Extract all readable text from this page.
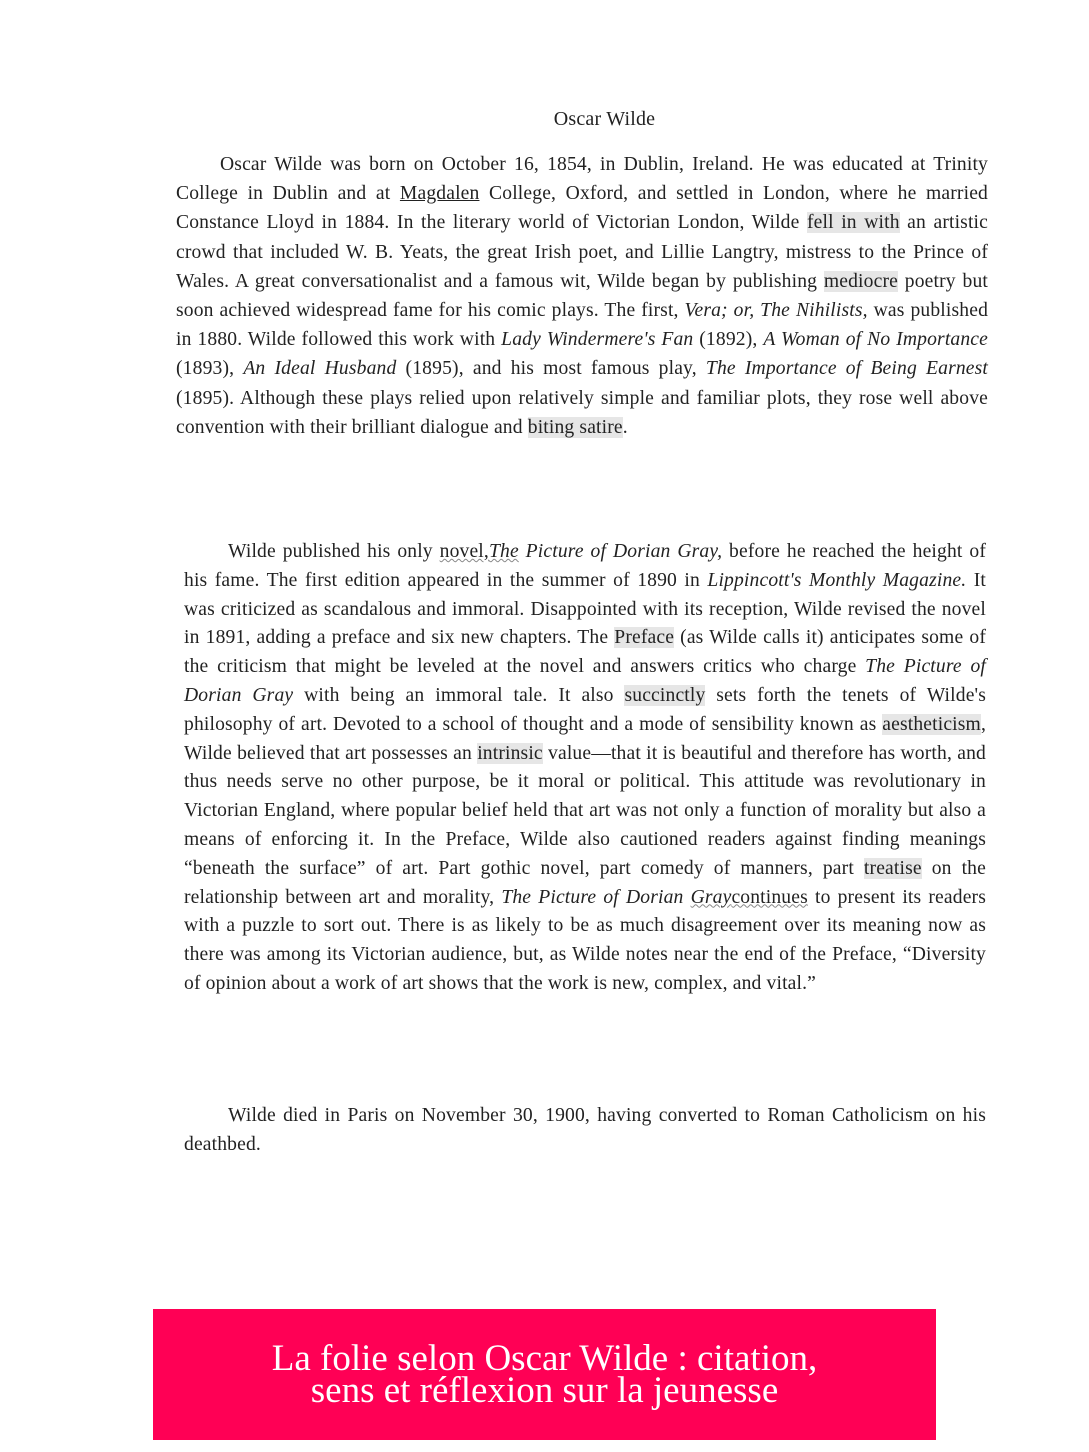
Oscar Wilde

Oscar Wilde was born on October 16, 1854, in Dublin, Ireland. He was educated at Trinity College in Dublin and at Magdalen College, Oxford, and settled in London, where he married Constance Lloyd in 1884. In the literary world of Victorian London, Wilde fell in with an artistic crowd that included W. B. Yeats, the great Irish poet, and Lillie Langtry, mistress to the Prince of Wales. A great conversationalist and a famous wit, Wilde began by publishing mediocre poetry but soon achieved widespread fame for his comic plays. The first, Vera; or, The Nihilists, was published in 1880. Wilde followed this work with Lady Windermere's Fan (1892), A Woman of No Importance (1893), An Ideal Husband (1895), and his most famous play, The Importance of Being Earnest (1895). Although these plays relied upon relatively simple and familiar plots, they rose well above convention with their brilliant dialogue and biting satire.

Wilde published his only novel,The Picture of Dorian Gray, before he reached the height of his fame. The first edition appeared in the summer of 1890 in Lippincott's Monthly Magazine. It was criticized as scandalous and immoral. Disappointed with its reception, Wilde revised the novel in 1891, adding a preface and six new chapters. The Preface (as Wilde calls it) anticipates some of the criticism that might be leveled at the novel and answers critics who charge The Picture of Dorian Gray with being an immoral tale. It also succinctly sets forth the tenets of Wilde's philosophy of art. Devoted to a school of thought and a mode of sensibility known as aestheticism, Wilde believed that art possesses an intrinsic value—that it is beautiful and therefore has worth, and thus needs serve no other purpose, be it moral or political. This attitude was revolutionary in Victorian England, where popular belief held that art was not only a function of morality but also a means of enforcing it. In the Preface, Wilde also cautioned readers against finding meanings “beneath the surface” of art. Part gothic novel, part comedy of manners, part treatise on the relationship between art and morality, The Picture of Dorian Graycontinues to present its readers with a puzzle to sort out. There is as likely to be as much disagreement over its meaning now as there was among its Victorian audience, but, as Wilde notes near the end of the Preface, “Diversity of opinion about a work of art shows that the work is new, complex, and vital.”

Wilde died in Paris on November 30, 1900, having converted to Roman Catholicism on his deathbed.

La folie selon Oscar Wilde : citation, sens et réflexion sur la jeunesse
